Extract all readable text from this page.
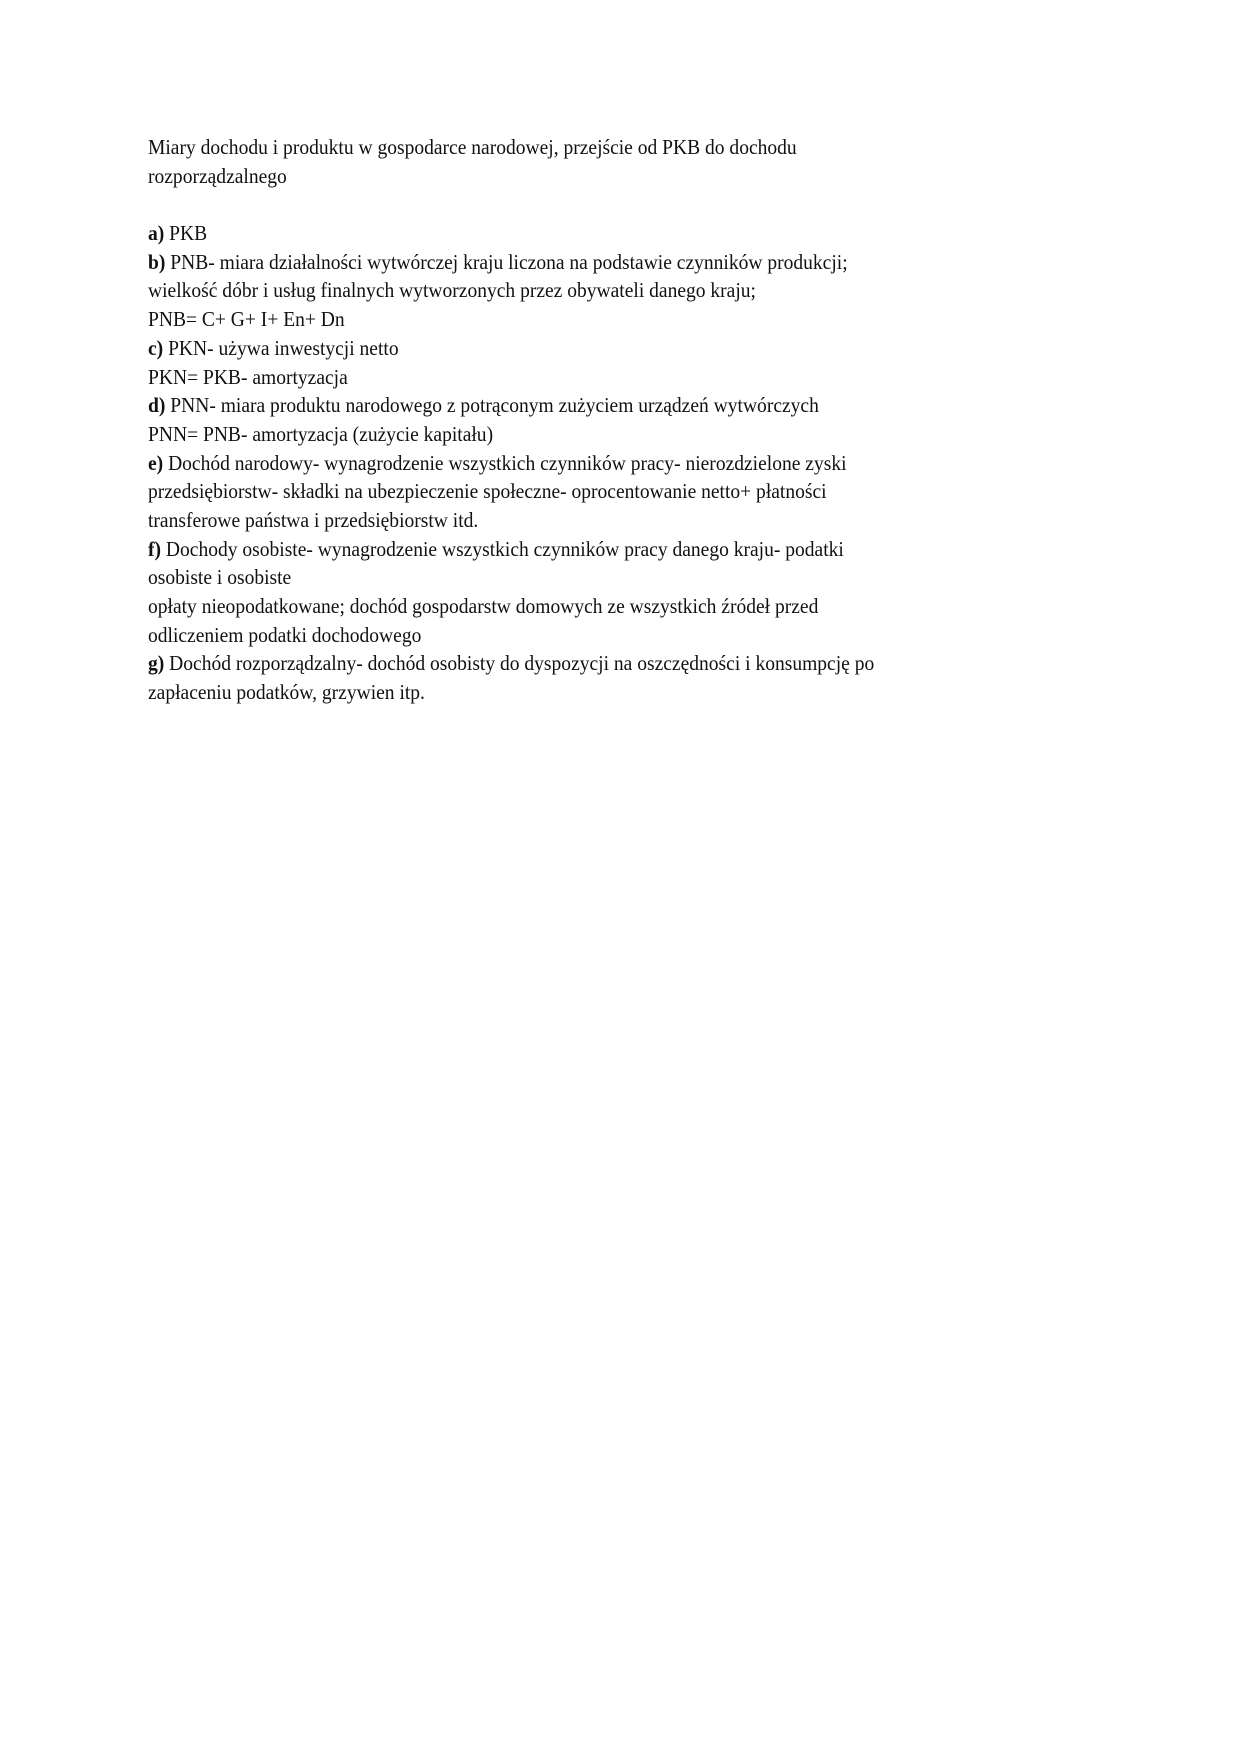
Miary dochodu i produktu w gospodarce narodowej, przejście od PKB do dochodu
rozporządzalnego
a) PKB
b) PNB- miara działalności wytwórczej kraju liczona na podstawie czynników produkcji;
wielkość dóbr i usług finalnych wytworzonych przez obywateli danego kraju;
PNB= C+ G+ I+ En+ Dn
c) PKN- używa inwestycji netto
PKN= PKB- amortyzacja
d) PNN- miara produktu narodowego z potrąconym zużyciem urządzeń wytwórczych
PNN= PNB- amortyzacja (zużycie kapitału)
e) Dochód narodowy- wynagrodzenie wszystkich czynników pracy- nierozdzielone zyski
przedsiębiorstw- składki na ubezpieczenie społeczne- oprocentowanie netto+ płatności
transferowe państwa i przedsiębiorstw itd.
f) Dochody osobiste- wynagrodzenie wszystkich czynników pracy danego kraju- podatki
osobiste i osobiste
opłaty nieopodatkowane; dochód gospodarstw domowych ze wszystkich źródeł przed
odliczeniem podatki dochodowego
g) Dochód rozporządzalny- dochód osobisty do dyspozycji na oszczędności i konsumpcję po
zapłaceniu podatków, grzywien itp.
